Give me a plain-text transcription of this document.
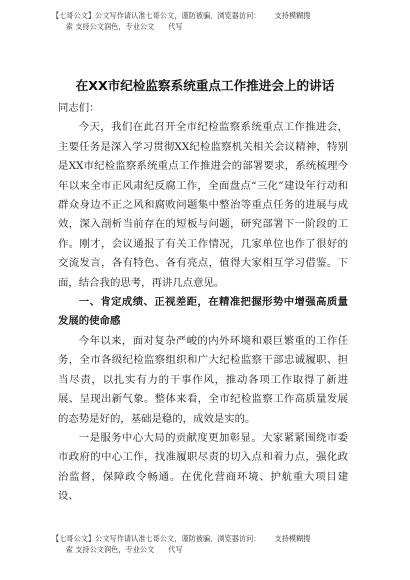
【七哥公文】公文写作请认准七哥公文，谨防被骗，浏览器访问： 支持模糊搜
索 支持公文润色，专业公文 代写
在XX市纪检监察系统重点工作推进会上的讲话

同志们：

今天，我们在此召开全市纪检监察系统重点工作推进会，主要任务是深入学习贯彻XX纪检监察机关相关会议精神，特别是XX市纪检监察系统重点工作推进会的部署要求，系统梳理今年以来全市正风肃纪反腐工作，全面盘点“三化”建设年行动和群众身边不正之风和腐败问题集中整治等重点任务的进展与成效，深入剖析当前存在的短板与问题，研究部署下一阶段的工作。刚才，会议通报了有关工作情况，几家单位也作了很好的交流发言，各有特色、各有亮点，值得大家相互学习借鉴。下面，结合我的思考，再讲几点意见。

一、肯定成绩、正视差距，在精准把握形势中增强高质量发展的使命感

今年以来，面对复杂严峻的内外环境和艰巨繁重的工作任务，全市各级纪检监察组织和广大纪检监察干部忠诚履职、担当尽责，以扎实有力的干事作风，推动各项工作取得了新进展、呈现出新气象。整体来看，全市纪检监察工作高质量发展的态势是好的，基础是稳的，成效是实的。

一是服务中心大局的贡献度更加彰显。大家紧紧围绕市委市政府的中心工作，找准履职尽责的切入点和着力点，强化政治监督，保障政令畅通。在优化营商环境、护航重大项目建设、

【七哥公文】公文写作请认准七哥公文，谨防被骗，浏览器访问： 支持模糊搜
索 支持公文润色，专业公文 代写
